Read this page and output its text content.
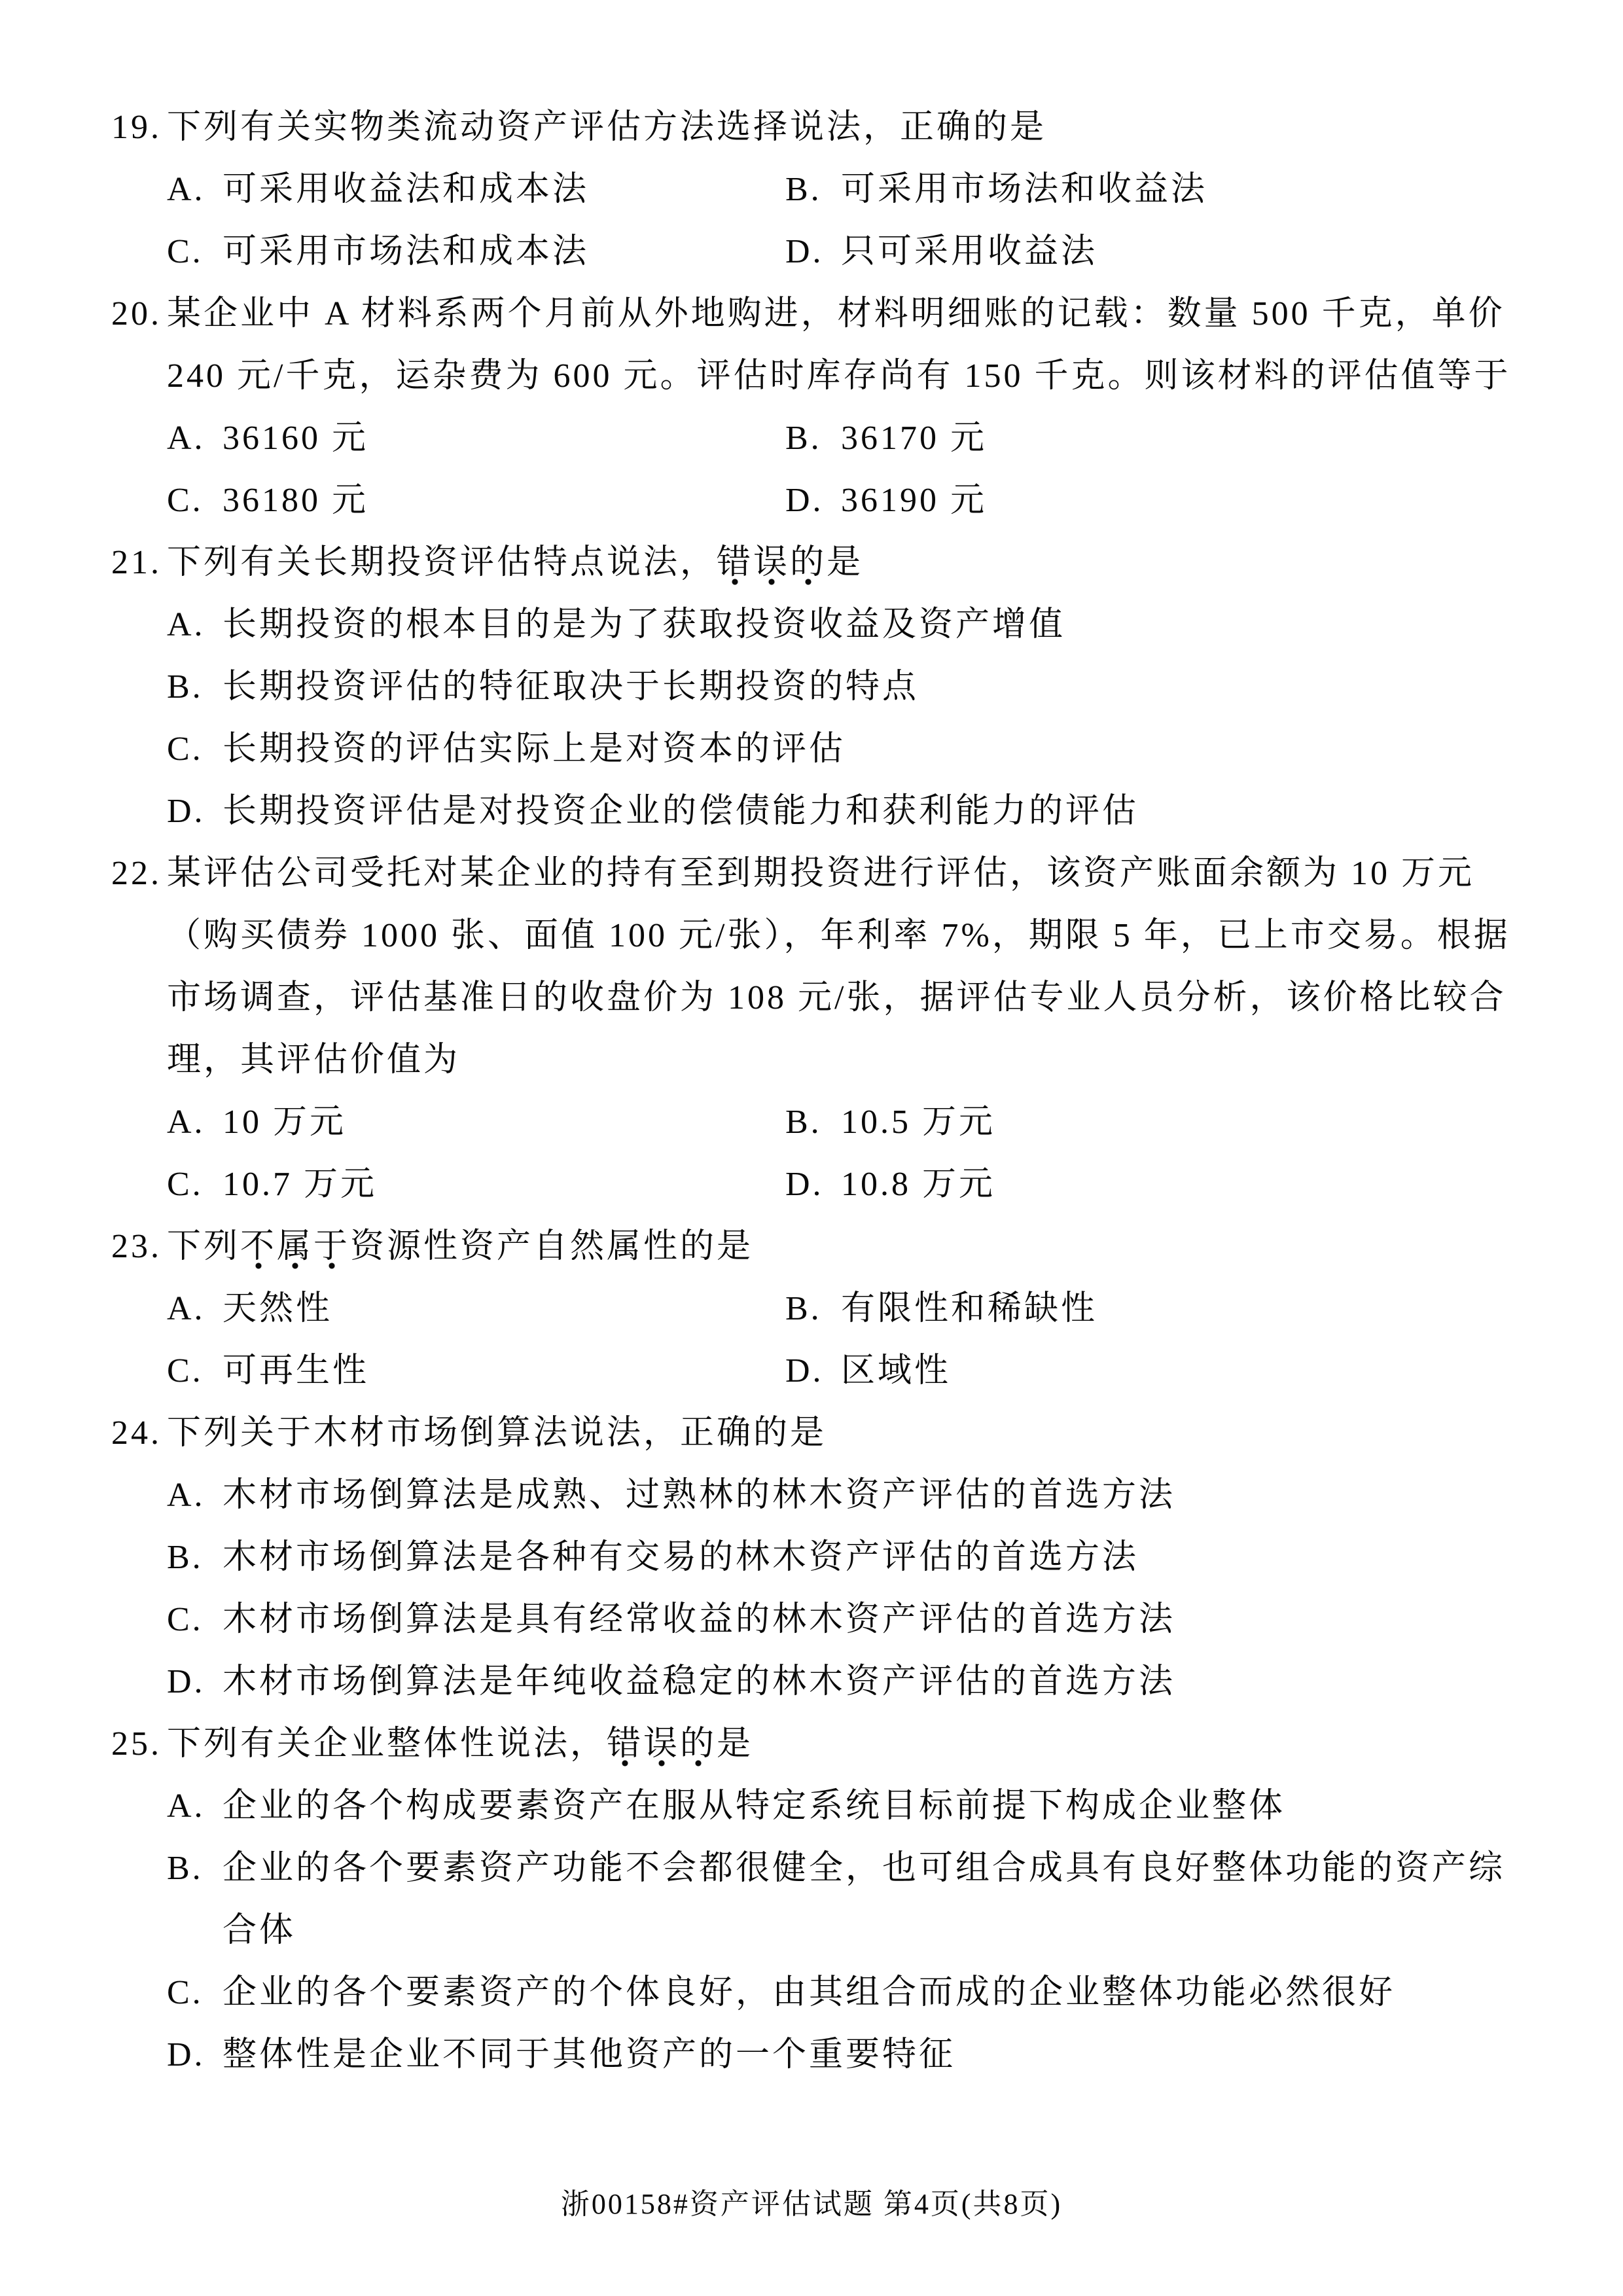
19. 下列有关实物类流动资产评估方法选择说法，正确的是
A. 可采用收益法和成本法	B. 可采用市场法和收益法
C. 可采用市场法和成本法	D. 只可采用收益法
20. 某企业中 A 材料系两个月前从外地购进，材料明细账的记载：数量 500 千克，单价
240 元/千克，运杂费为 600 元。评估时库存尚有 150 千克。则该材料的评估值等于
A. 36160 元	B. 36170 元
C. 36180 元	D. 36190 元
21. 下列有关长期投资评估特点说法，错误的是
A. 长期投资的根本目的是为了获取投资收益及资产增值
B. 长期投资评估的特征取决于长期投资的特点
C. 长期投资的评估实际上是对资本的评估
D. 长期投资评估是对投资企业的偿债能力和获利能力的评估
22. 某评估公司受托对某企业的持有至到期投资进行评估，该资产账面余额为 10 万元
（购买债券 1000 张、面值 100 元/张），年利率 7%，期限 5 年，已上市交易。根据
市场调查，评估基准日的收盘价为 108 元/张，据评估专业人员分析，该价格比较合
理，其评估价值为
A. 10 万元	B. 10.5 万元
C. 10.7 万元	D. 10.8 万元
23. 下列不属于资源性资产自然属性的是
A. 天然性	B. 有限性和稀缺性
C. 可再生性	D. 区域性
24. 下列关于木材市场倒算法说法，正确的是
A. 木材市场倒算法是成熟、过熟林的林木资产评估的首选方法
B. 木材市场倒算法是各种有交易的林木资产评估的首选方法
C. 木材市场倒算法是具有经常收益的林木资产评估的首选方法
D. 木材市场倒算法是年纯收益稳定的林木资产评估的首选方法
25. 下列有关企业整体性说法，错误的是
A. 企业的各个构成要素资产在服从特定系统目标前提下构成企业整体
B. 企业的各个要素资产功能不会都很健全，也可组合成具有良好整体功能的资产综
合体
C. 企业的各个要素资产的个体良好，由其组合而成的企业整体功能必然很好
D. 整体性是企业不同于其他资产的一个重要特征
浙00158#资产评估试题 第4页(共8页)
